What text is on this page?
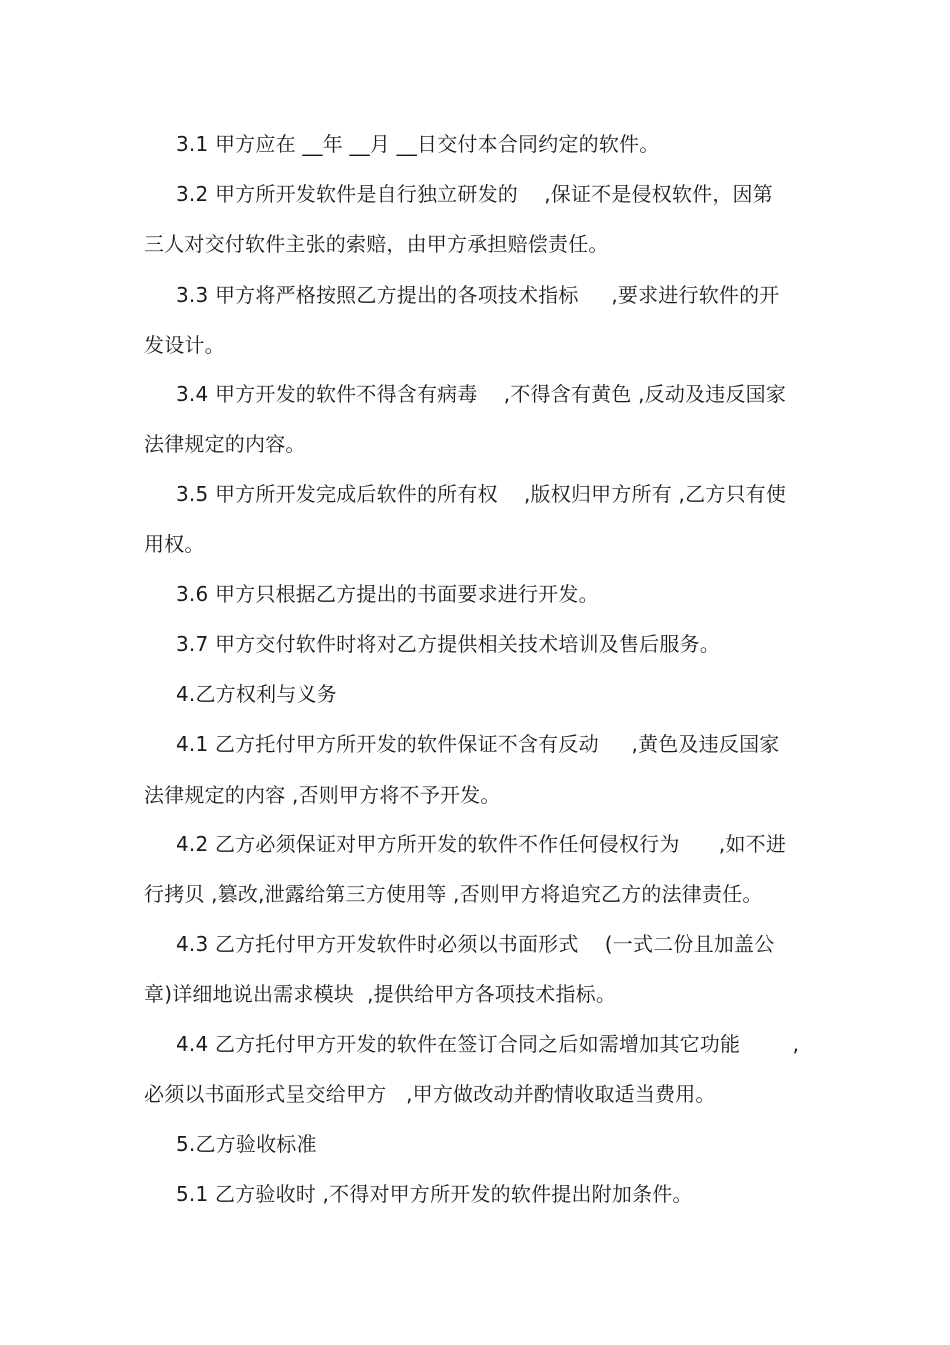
3.1 甲方应在 __年 __月 __日交付本合同约定的软件。
3.2 甲方所开发软件是自行独立研发的    ,保证不是侵权软件，因第
三人对交付软件主张的索赔，由甲方承担赔偿责任。
3.3 甲方将严格按照乙方提出的各项技术指标     ,要求进行软件的开
发设计。
3.4 甲方开发的软件不得含有病毒    ,不得含有黄色 ,反动及违反国家
法律规定的内容。
3.5 甲方所开发完成后软件的所有权    ,版权归甲方所有 ,乙方只有使
用权。
3.6 甲方只根据乙方提出的书面要求进行开发。
3.7 甲方交付软件时将对乙方提供相关技术培训及售后服务。
4.乙方权利与义务
4.1 乙方托付甲方所开发的软件保证不含有反动     ,黄色及违反国家
法律规定的内容 ,否则甲方将不予开发。
4.2 乙方必须保证对甲方所开发的软件不作任何侵权行为      ,如不进
行拷贝 ,篡改,泄露给第三方使用等 ,否则甲方将追究乙方的法律责任。
4.3 乙方托付甲方开发软件时必须以书面形式    (一式二份且加盖公
章)详细地说出需求模块  ,提供给甲方各项技术指标。
4.4 乙方托付甲方开发的软件在签订合同之后如需增加其它功能        ,
必须以书面形式呈交给甲方   ,甲方做改动并酌情收取适当费用。
5.乙方验收标准
5.1 乙方验收时 ,不得对甲方所开发的软件提出附加条件。
